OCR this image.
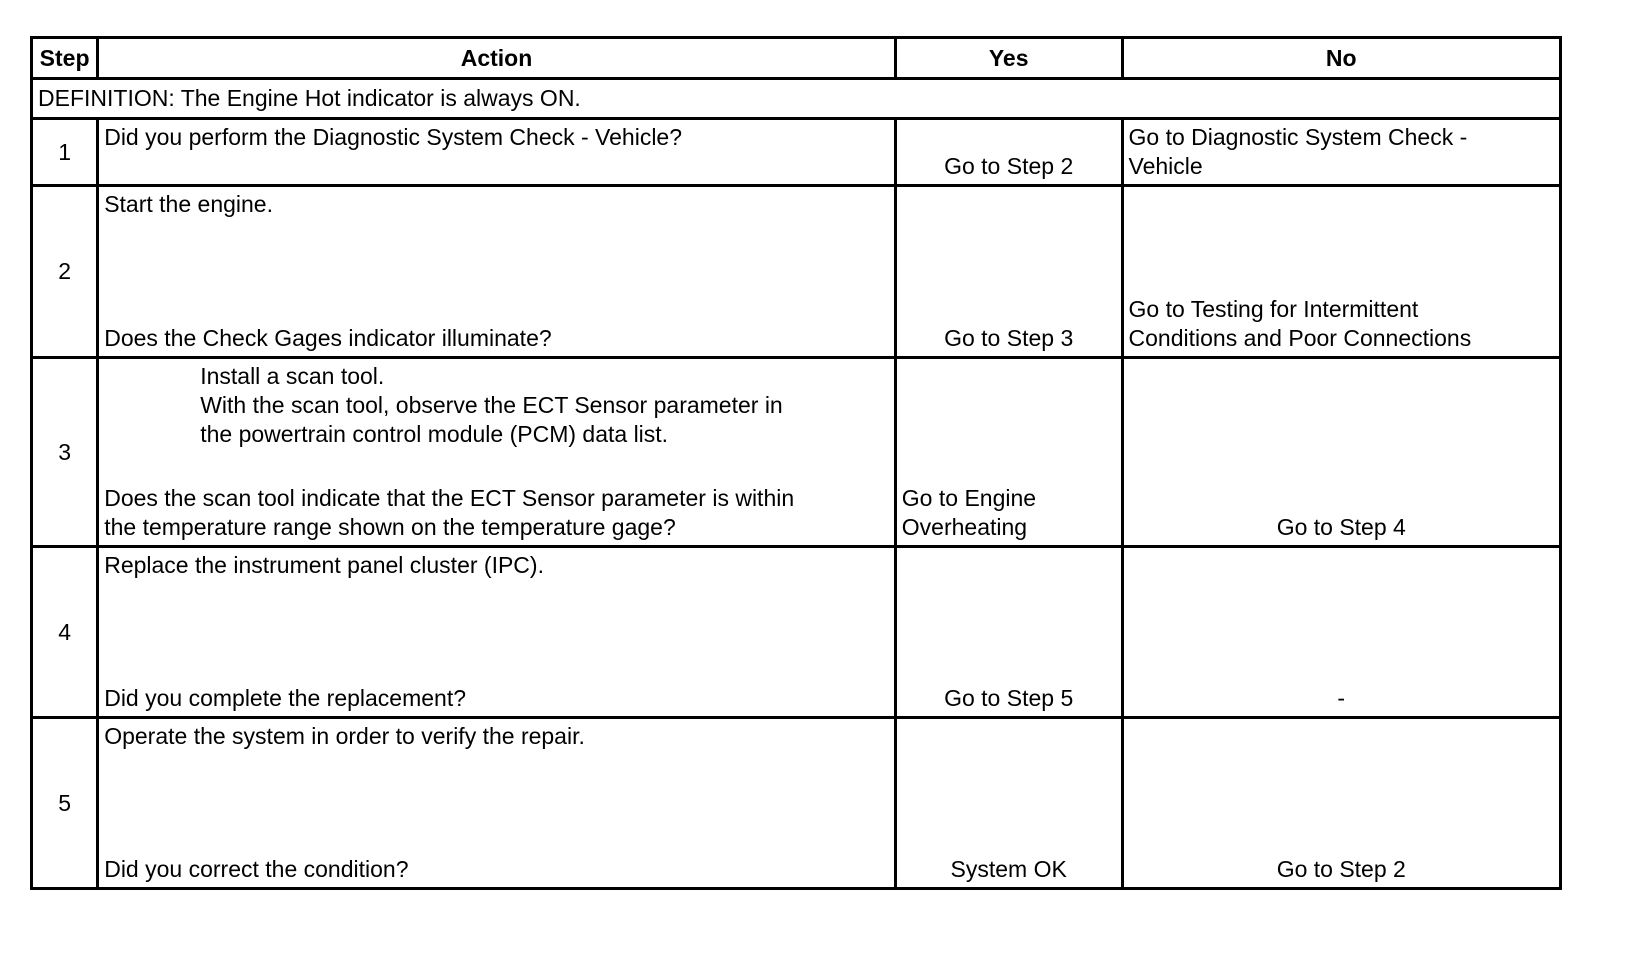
Step	Action	Yes	No
DEFINITION: The Engine Hot indicator is always ON.			
1	Did you perform the Diagnostic System Check - Vehicle?	Go to Step 2	Go to Diagnostic System Check -
Vehicle

2	Start the engine.
Does the Check Gages indicator illuminate?	Go to Step 3	Go to Testing for Intermittent
Conditions and Poor Connections

3	Install a scan tool.
With the scan tool, observe the ECT Sensor parameter in
the powertrain control module (PCM) data list.
Does the scan tool indicate that the ECT Sensor parameter is within
the temperature range shown on the temperature gage?	Go to Engine
Overheating	Go to Step 4

4	Replace the instrument panel cluster (IPC).
Did you complete the replacement?	Go to Step 5	-

5	Operate the system in order to verify the repair.
Did you correct the condition?	System OK	Go to Step 2
